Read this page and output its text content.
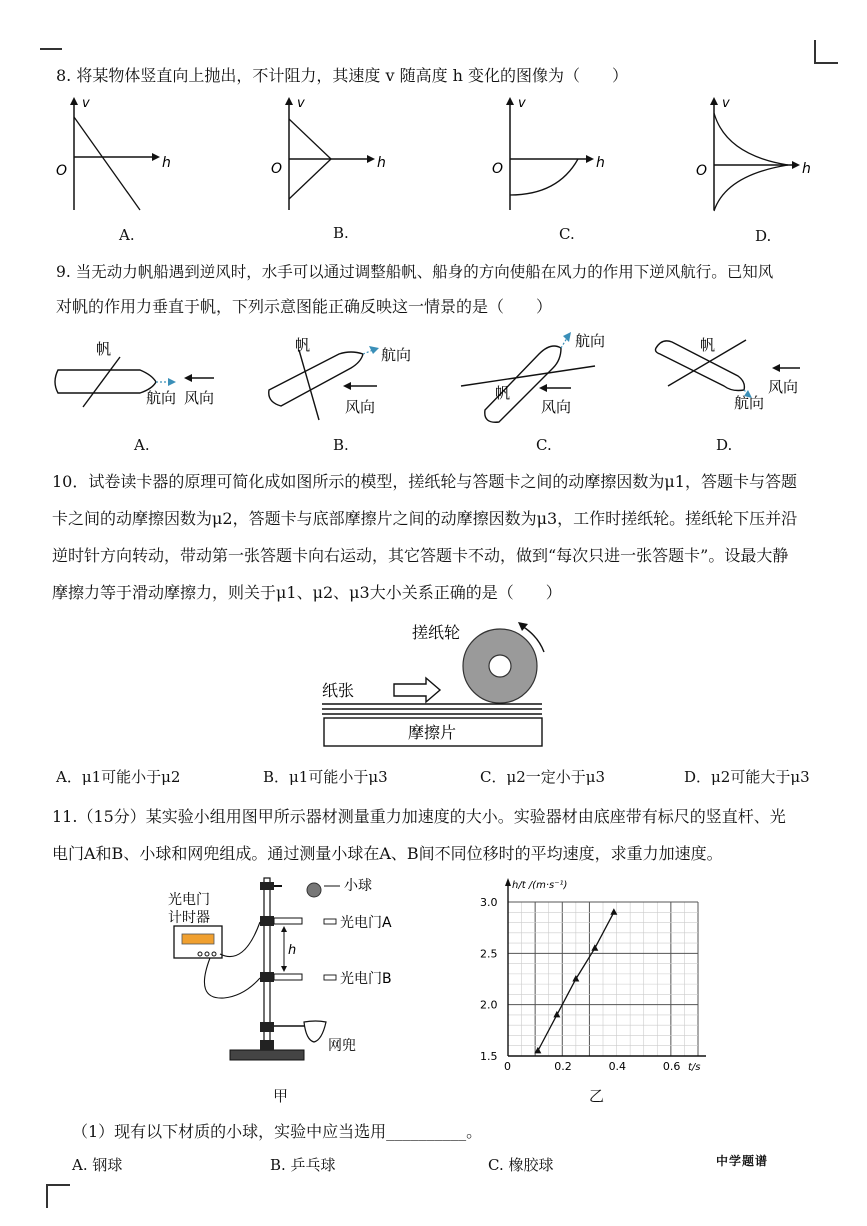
8. 将某物体竖直向上抛出，不计阻力，其速度 v 随高度 h 变化的图像为（　　）
v
O	h
v
O	h
v
O	h
v
O	h
A.	B.	C.	D.
9. 当无动力帆船遇到逆风时，水手可以通过调整船帆、船身的方向使船在风力的作用下逆风航行。已知风
对帆的作用力垂直于帆，下列示意图能正确反映这一情景的是（　　）
帆
航向 风向
帆
航向
风向
帆
航向
风向
帆
航向
风向
A.	B.	C.	D.
10．试卷读卡器的原理可简化成如图所示的模型，搓纸轮与答题卡之间的动摩擦因数为μ1，答题卡与答题
卡之间的动摩擦因数为μ2，答题卡与底部摩擦片之间的动摩擦因数为μ3，工作时搓纸轮。搓纸轮下压并沿
逆时针方向转动，带动第一张答题卡向右运动，其它答题卡不动，做到“每次只进一张答题卡”。设最大静
摩擦力等于滑动摩擦力，则关于μ1、μ2、μ3大小关系正确的是（　　）
搓纸轮
纸张
摩擦片
A．μ1可能小于μ2	B．μ1可能小于μ3	C．μ2一定小于μ3	D．μ2可能大于μ3
11.（15分）某实验小组用图甲所示器材测量重力加速度的大小。实验器材由底座带有标尺的竖直杆、光
电门A和B、小球和网兜组成。通过测量小球在A、B间不同位移时的平均速度，求重力加速度。
h
光电门
计时器
小球
光电门A
光电门B
网兜
0	0.2	0.4	0.6
1.5
2.0
2.5
3.0
t/s
h/t /(m·s⁻¹)
甲	乙
（1）现有以下材质的小球，实验中应当选用__________。
A. 钢球	B. 乒乓球	C. 橡胶球	中学题谱
